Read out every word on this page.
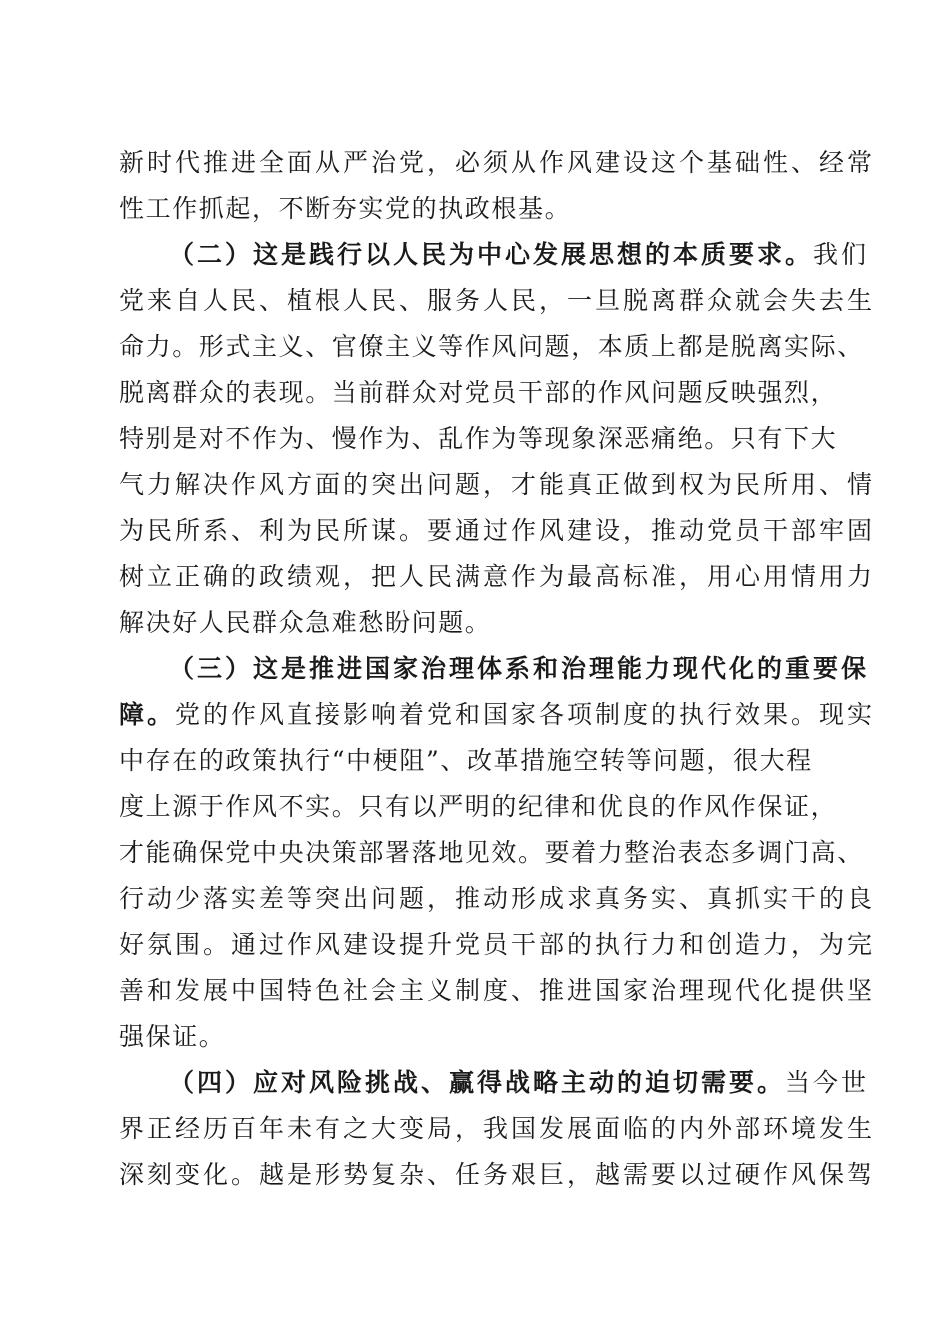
新时代推进全面从严治党，必须从作风建设这个基础性、经常

性工作抓起，不断夯实党的执政根基。

（二）这是践行以人民为中心发展思想的本质要求。我们

党来自人民、植根人民、服务人民，一旦脱离群众就会失去生

命力。形式主义、官僚主义等作风问题，本质上都是脱离实际、

脱离群众的表现。当前群众对党员干部的作风问题反映强烈，

特别是对不作为、慢作为、乱作为等现象深恶痛绝。只有下大

气力解决作风方面的突出问题，才能真正做到权为民所用、情

为民所系、利为民所谋。要通过作风建设，推动党员干部牢固

树立正确的政绩观，把人民满意作为最高标准，用心用情用力

解决好人民群众急难愁盼问题。

（三）这是推进国家治理体系和治理能力现代化的重要保

障。党的作风直接影响着党和国家各项制度的执行效果。现实

中存在的政策执行“中梗阻”、改革措施空转等问题，很大程

度上源于作风不实。只有以严明的纪律和优良的作风作保证，

才能确保党中央决策部署落地见效。要着力整治表态多调门高、

行动少落实差等突出问题，推动形成求真务实、真抓实干的良

好氛围。通过作风建设提升党员干部的执行力和创造力，为完

善和发展中国特色社会主义制度、推进国家治理现代化提供坚

强保证。

（四）应对风险挑战、赢得战略主动的迫切需要。当今世

界正经历百年未有之大变局，我国发展面临的内外部环境发生

深刻变化。越是形势复杂、任务艰巨，越需要以过硬作风保驾
